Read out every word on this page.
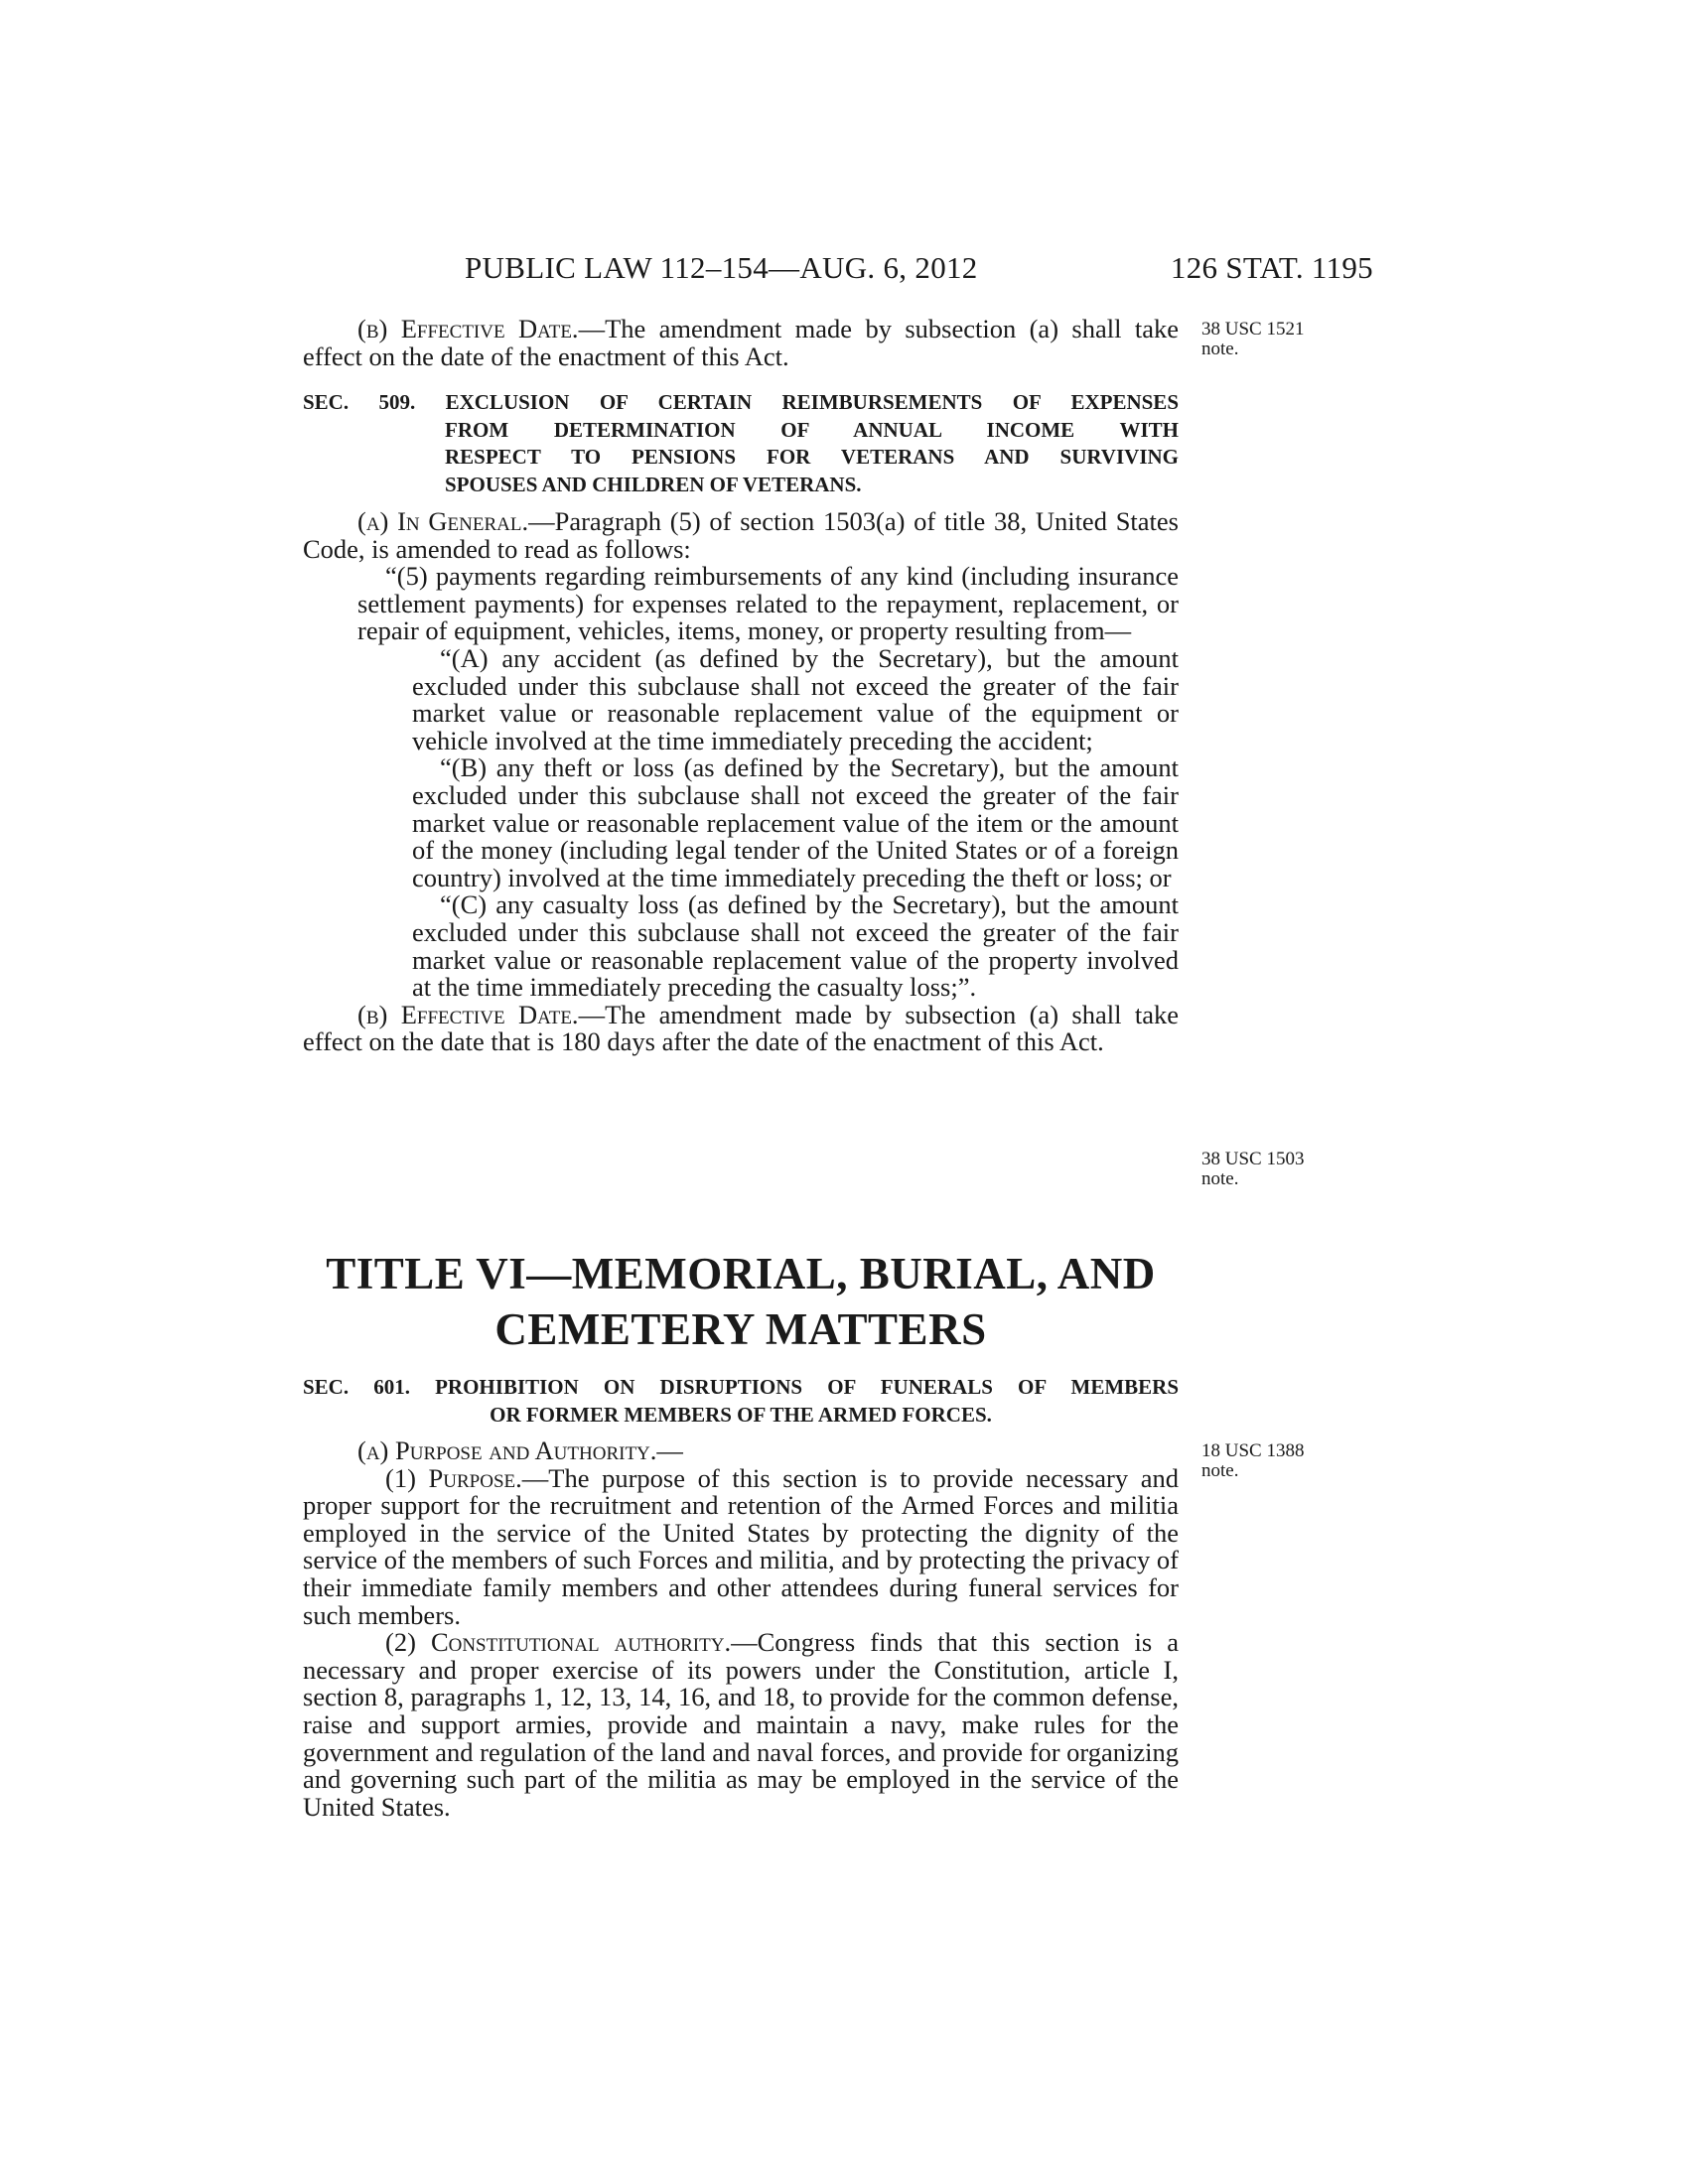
PUBLIC LAW 112–154—AUG. 6, 2012	126 STAT. 1195

(b) Effective Date.—The amendment made by subsection (a) shall take effect on the date of the enactment of this Act.

38 USC 1521
note.
SEC. 509. EXCLUSION OF CERTAIN REIMBURSEMENTS OF EXPENSES
FROM DETERMINATION OF ANNUAL INCOME WITH
RESPECT TO PENSIONS FOR VETERANS AND SURVIVING
SPOUSES AND CHILDREN OF VETERANS.

(a) In General.—Paragraph (5) of section 1503(a) of title 38, United States Code, is amended to read as follows:

“(5) payments regarding reimbursements of any kind (including insurance settlement payments) for expenses related to the repayment, replacement, or repair of equipment, vehicles, items, money, or property resulting from—

“(A) any accident (as defined by the Secretary), but the amount excluded under this subclause shall not exceed the greater of the fair market value or reasonable replacement value of the equipment or vehicle involved at the time immediately preceding the accident;

“(B) any theft or loss (as defined by the Secretary), but the amount excluded under this subclause shall not exceed the greater of the fair market value or reasonable replacement value of the item or the amount of the money (including legal tender of the United States or of a foreign country) involved at the time immediately preceding the theft or loss; or

“(C) any casualty loss (as defined by the Secretary), but the amount excluded under this subclause shall not exceed the greater of the fair market value or reasonable replacement value of the property involved at the time immediately preceding the casualty loss;”.

(b) Effective Date.—The amendment made by subsection (a) shall take effect on the date that is 180 days after the date of the enactment of this Act.

38 USC 1503
note.
TITLE VI—MEMORIAL, BURIAL, AND
CEMETERY MATTERS
SEC. 601. PROHIBITION ON DISRUPTIONS OF FUNERALS OF MEMBERS
OR FORMER MEMBERS OF THE ARMED FORCES.

(a) Purpose and Authority.—

(1) Purpose.—The purpose of this section is to provide necessary and proper support for the recruitment and retention of the Armed Forces and militia employed in the service of the United States by protecting the dignity of the service of the members of such Forces and militia, and by protecting the privacy of their immediate family members and other attendees during funeral services for such members.

(2) Constitutional authority.—Congress finds that this section is a necessary and proper exercise of its powers under the Constitution, article I, section 8, paragraphs 1, 12, 13, 14, 16, and 18, to provide for the common defense, raise and support armies, provide and maintain a navy, make rules for the government and regulation of the land and naval forces, and provide for organizing and governing such part of the militia as may be employed in the service of the United States.

18 USC 1388
note.
